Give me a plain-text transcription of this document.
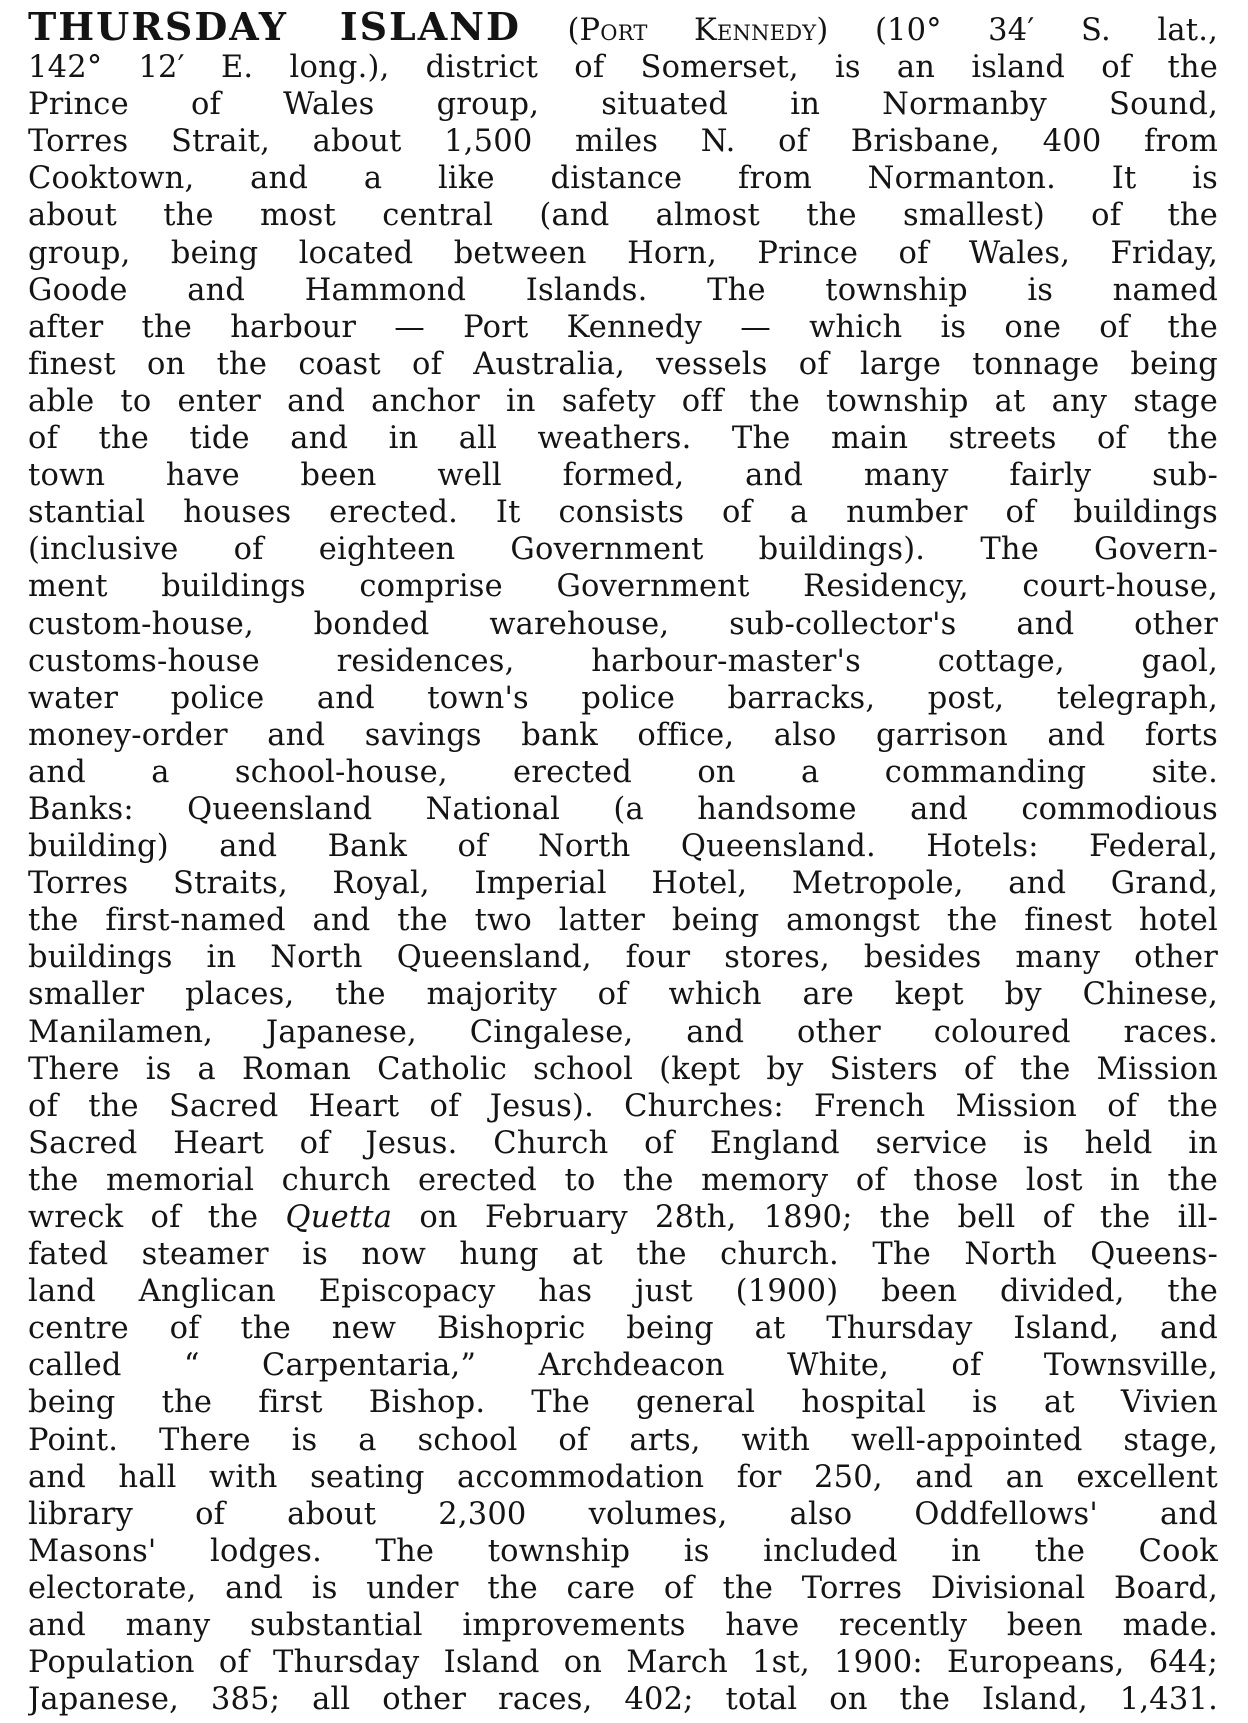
THURSDAY ISLAND (Port Kennedy) (10° 34′ S. lat.,
142° 12′ E. long.), district of Somerset, is an island of the
Prince of Wales group, situated in Normanby Sound,
Torres Strait, about 1,500 miles N. of Brisbane, 400 from
Cooktown, and a like distance from Normanton. It is
about the most central (and almost the smallest) of the
group, being located between Horn, Prince of Wales, Friday,
Goode and Hammond Islands. The township is named
after the harbour — Port Kennedy — which is one of the
finest on the coast of Australia, vessels of large tonnage being
able to enter and anchor in safety off the township at any stage
of the tide and in all weathers. The main streets of the
town have been well formed, and many fairly sub-
stantial houses erected. It consists of a number of buildings
(inclusive of eighteen Government buildings). The Govern-
ment buildings comprise Government Residency, court-house,
custom-house, bonded warehouse, sub-collector's and other
customs-house residences, harbour-master's cottage, gaol,
water police and town's police barracks, post, telegraph,
money-order and savings bank office, also garrison and forts
and a school-house, erected on a commanding site.
Banks: Queensland National (a handsome and commodious
building) and Bank of North Queensland. Hotels: Federal,
Torres Straits, Royal, Imperial Hotel, Metropole, and Grand,
the first-named and the two latter being amongst the finest hotel
buildings in North Queensland, four stores, besides many other
smaller places, the majority of which are kept by Chinese,
Manilamen, Japanese, Cingalese, and other coloured races.
There is a Roman Catholic school (kept by Sisters of the Mission
of the Sacred Heart of Jesus). Churches: French Mission of the
Sacred Heart of Jesus. Church of England service is held in
the memorial church erected to the memory of those lost in the
wreck of the Quetta on February 28th, 1890; the bell of the ill-
fated steamer is now hung at the church. The North Queens-
land Anglican Episcopacy has just (1900) been divided, the
centre of the new Bishopric being at Thursday Island, and
called “ Carpentaria,” Archdeacon White, of Townsville,
being the first Bishop. The general hospital is at Vivien
Point. There is a school of arts, with well-appointed stage,
and hall with seating accommodation for 250, and an excellent
library of about 2,300 volumes, also Oddfellows' and
Masons' lodges. The township is included in the Cook
electorate, and is under the care of the Torres Divisional Board,
and many substantial improvements have recently been made.
Population of Thursday Island on March 1st, 1900: Europeans, 644;
Japanese, 385; all other races, 402; total on the Island, 1,431.
